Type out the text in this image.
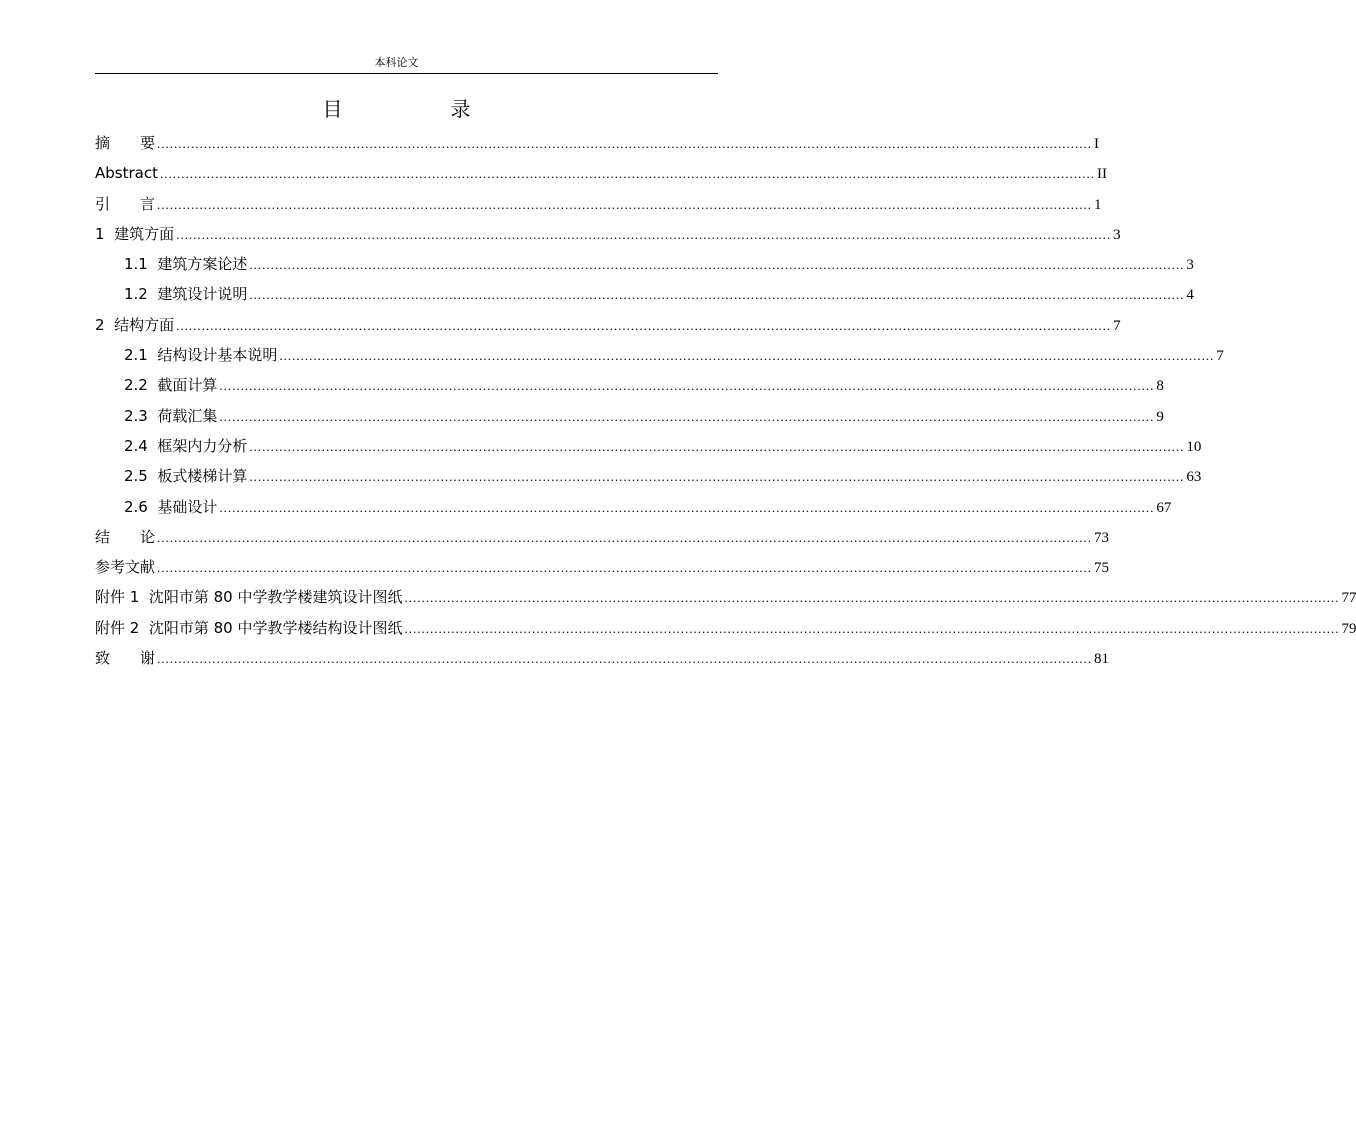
本科论文
目　录
摘　　要 ............................................................................................................................................................................................................................ I
Abstract ............................................................................................................................................................................................................................ II
引　　言 ............................................................................................................................................................................................................................ 1
1  建筑方面 ............................................................................................................................................................................................................................ 3
1.1  建筑方案论述 ............................................................................................................................................................................................................................ 3
1.2  建筑设计说明 ............................................................................................................................................................................................................................ 4
2  结构方面 ............................................................................................................................................................................................................................ 7
2.1  结构设计基本说明 ............................................................................................................................................................................................................................ 7
2.2  截面计算 ............................................................................................................................................................................................................................ 8
2.3  荷载汇集 ............................................................................................................................................................................................................................ 9
2.4  框架内力分析 ............................................................................................................................................................................................................................ 10
2.5  板式楼梯计算 ............................................................................................................................................................................................................................ 63
2.6  基础设计 ............................................................................................................................................................................................................................ 67
结　　论 ............................................................................................................................................................................................................................ 73
参考文献 ............................................................................................................................................................................................................................ 75
附件 1  沈阳市第 80 中学教学楼建筑设计图纸 ............................................................................................................................................................................................................................ 77
附件 2  沈阳市第 80 中学教学楼结构设计图纸 ............................................................................................................................................................................................................................ 79
致　　谢 ............................................................................................................................................................................................................................ 81
